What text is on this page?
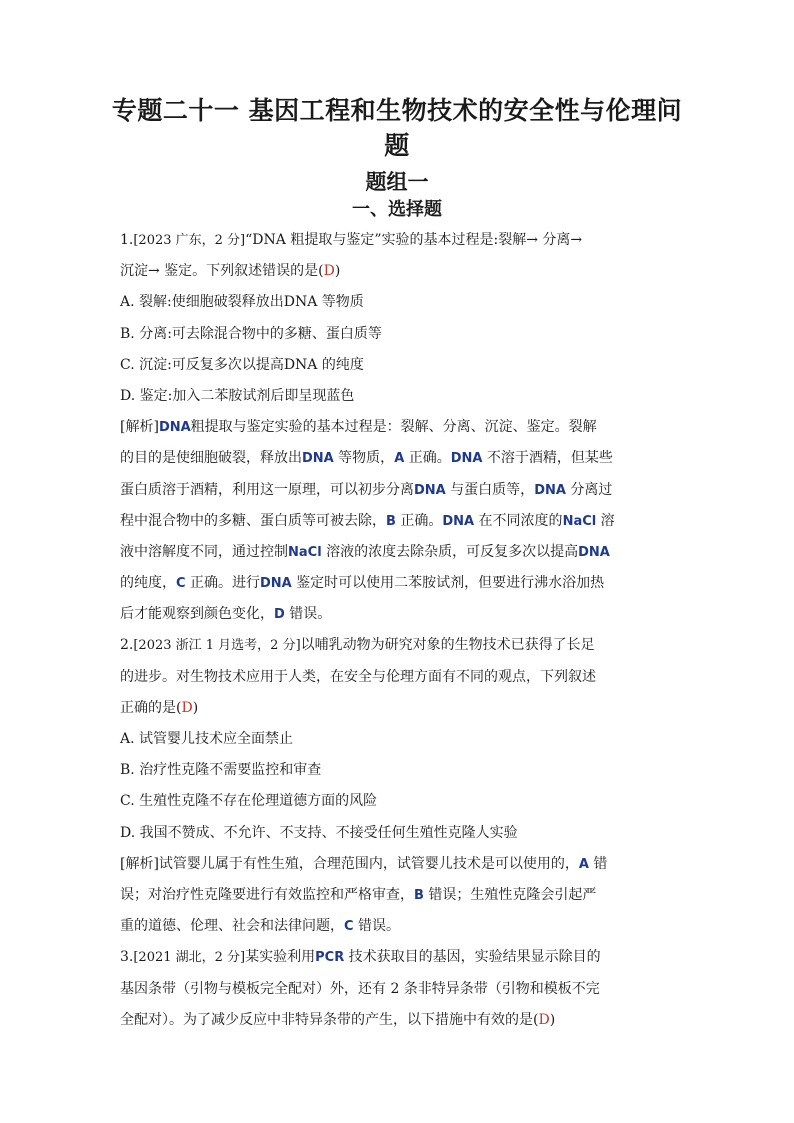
专题二十一 基因工程和生物技术的安全性与伦理问题
题组一
一、选择题
1.[2023 广东，2 分]“DNA 粗提取与鉴定”实验的基本过程是:裂解→ 分离→
沉淀→ 鉴定。下列叙述错误的是(D)
A. 裂解:使细胞破裂释放出DNA 等物质
B. 分离:可去除混合物中的多糖、蛋白质等
C. 沉淀:可反复多次以提高DNA 的纯度
D. 鉴定:加入二苯胺试剂后即呈现蓝色
[解析]DNA粗提取与鉴定实验的基本过程是：裂解、分离、沉淀、鉴定。裂解
的目的是使细胞破裂，释放出DNA 等物质，A 正确。DNA 不溶于酒精，但某些
蛋白质溶于酒精，利用这一原理，可以初步分离DNA 与蛋白质等，DNA 分离过
程中混合物中的多糖、蛋白质等可被去除，B 正确。DNA 在不同浓度的NaCl 溶
液中溶解度不同，通过控制NaCl 溶液的浓度去除杂质，可反复多次以提高DNA
的纯度，C 正确。进行DNA 鉴定时可以使用二苯胺试剂，但要进行沸水浴加热
后才能观察到颜色变化，D 错误。
2.[2023 浙江 1 月选考，2 分]以哺乳动物为研究对象的生物技术已获得了长足
的进步。对生物技术应用于人类，在安全与伦理方面有不同的观点，下列叙述
正确的是(D)
A. 试管婴儿技术应全面禁止
B. 治疗性克隆不需要监控和审查
C. 生殖性克隆不存在伦理道德方面的风险
D. 我国不赞成、不允许、不支持、不接受任何生殖性克隆人实验
[解析]试管婴儿属于有性生殖，合理范围内，试管婴儿技术是可以使用的，A 错
误；对治疗性克隆要进行有效监控和严格审查，B 错误；生殖性克隆会引起严
重的道德、伦理、社会和法律问题，C 错误。
3.[2021 湖北，2 分]某实验利用PCR 技术获取目的基因，实验结果显示除目的
基因条带（引物与模板完全配对）外，还有 2 条非特异条带（引物和模板不完
全配对）。为了减少反应中非特异条带的产生，以下措施中有效的是(D)
